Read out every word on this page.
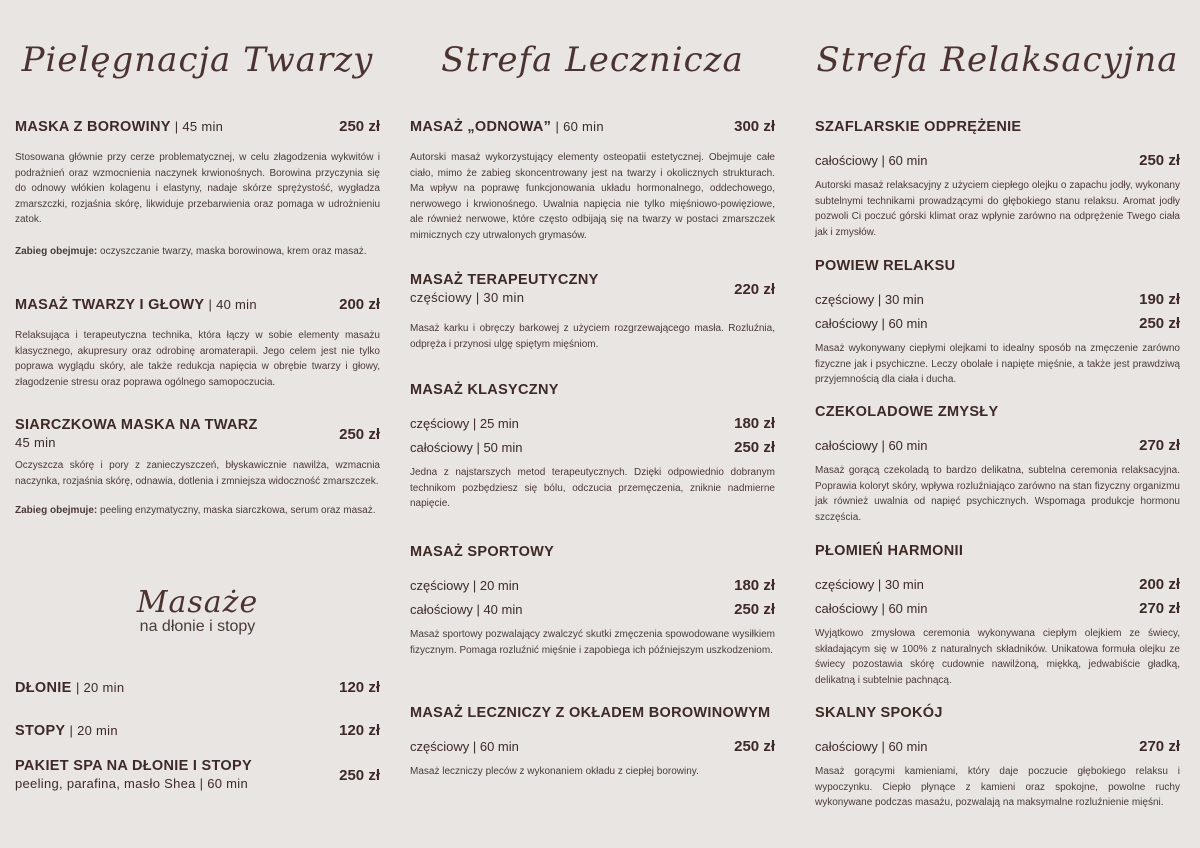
Pielęgnacja Twarzy
MASKA Z BOROWINY | 45 min	250 zł

Stosowana głównie przy cerze problematycznej, w celu złagodzenia wykwitów i podrażnień oraz wzmocnienia naczynek krwionośnych. Borowina przyczynia się do odnowy włókien kolagenu i elastyny, nadaje skórze sprężystość, wygładza zmarszczki, rozjaśnia skórę, likwiduje przebarwienia oraz pomaga w udrożnieniu zatok.

Zabieg obejmuje: oczyszczanie twarzy, maska borowinowa, krem oraz masaż.

MASAŻ TWARZY I GŁOWY | 40 min	200 zł

Relaksująca i terapeutyczna technika, która łączy w sobie elementy masażu klasycznego, akupresury oraz odrobinę aromaterapii. Jego celem jest nie tylko poprawa wyglądu skóry, ale także redukcja napięcia w obrębie twarzy i głowy, złagodzenie stresu oraz poprawa ogólnego samopoczucia.

SIARCZKOWA MASKA NA TWARZ
45 min	250 zł

Oczyszcza skórę i pory z zanieczyszczeń, błyskawicznie nawilża, wzmacnia naczynka, rozjaśnia skórę, odnawia, dotlenia i zmniejsza widoczność zmarszczek.

Zabieg obejmuje: peeling enzymatyczny, maska siarczkowa, serum oraz masaż.

Masaże
na dłonie i stopy
DŁONIE | 20 min	120 zł
STOPY | 20 min	120 zł
PAKIET SPA NA DŁONIE I STOPY
peeling, parafina, masło Shea | 60 min	250 zł
Strefa Lecznicza
MASAŻ „ODNOWA” | 60 min	300 zł

Autorski masaż wykorzystujący elementy osteopatii estetycznej. Obejmuje całe ciało, mimo że zabieg skoncentrowany jest na twarzy i okolicznych strukturach. Ma wpływ na poprawę funkcjonowania układu hormonalnego, oddechowego, nerwowego i krwionośnego. Uwalnia napięcia nie tylko mięśniowo-powięziowe, ale również nerwowe, które często odbijają się na twarzy w postaci zmarszczek mimicznych czy utrwalonych grymasów.

MASAŻ TERAPEUTYCZNY
częściowy | 30 min	220 zł

Masaż karku i obręczy barkowej z użyciem rozgrzewającego masła. Rozluźnia, odpręża i przynosi ulgę spiętym mięśniom.

MASAŻ KLASYCZNY
częściowy | 25 min	180 zł
całościowy | 50 min	250 zł

Jedna z najstarszych metod terapeutycznych. Dzięki odpowiednio dobranym technikom pozbędziesz się bólu, odczucia przemęczenia, zniknie nadmierne napięcie.

MASAŻ SPORTOWY
częściowy | 20 min	180 zł
całościowy | 40 min	250 zł

Masaż sportowy pozwalający zwalczyć skutki zmęczenia spowodowane wysiłkiem fizycznym. Pomaga rozluźnić mięśnie i zapobiega ich późniejszym uszkodzeniom.

MASAŻ LECZNICZY Z OKŁADEM BOROWINOWYM
częściowy | 60 min	250 zł

Masaż leczniczy pleców z wykonaniem okładu z ciepłej borowiny.

Strefa Relaksacyjna
SZAFLARSKIE ODPRĘŻENIE
całościowy | 60 min	250 zł

Autorski masaż relaksacyjny z użyciem ciepłego olejku o zapachu jodły, wykonany subtelnymi technikami prowadzącymi do głębokiego stanu relaksu. Aromat jodły pozwoli Ci poczuć górski klimat oraz wpłynie zarówno na odprężenie Twego ciała jak i zmysłów.

POWIEW RELAKSU
częściowy | 30 min	190 zł
całościowy | 60 min	250 zł

Masaż wykonywany ciepłymi olejkami to idealny sposób na zmęczenie zarówno fizyczne jak i psychiczne. Leczy obolałe i napięte mięśnie, a także jest prawdziwą przyjemnością dla ciała i ducha.

CZEKOLADOWE ZMYSŁY
całościowy | 60 min	270 zł

Masaż gorącą czekoladą to bardzo delikatna, subtelna ceremonia relaksacyjna. Poprawia koloryt skóry, wpływa rozluźniająco zarówno na stan fizyczny organizmu jak również uwalnia od napięć psychicznych. Wspomaga produkcje hormonu szczęścia.

PŁOMIEŃ HARMONII
częściowy | 30 min	200 zł
całościowy | 60 min	270 zł

Wyjątkowo zmysłowa ceremonia wykonywana ciepłym olejkiem ze świecy, składającym się w 100% z naturalnych składników. Unikatowa formuła olejku ze świecy pozostawia skórę cudownie nawilżoną, miękką, jedwabiście gładką, delikatną i subtelnie pachnącą.

SKALNY SPOKÓJ
całościowy | 60 min	270 zł

Masaż gorącymi kamieniami, który daje poczucie głębokiego relaksu i wypoczynku. Ciepło płynące z kamieni oraz spokojne, powolne ruchy wykonywane podczas masażu, pozwalają na maksymalne rozluźnienie mięśni.
